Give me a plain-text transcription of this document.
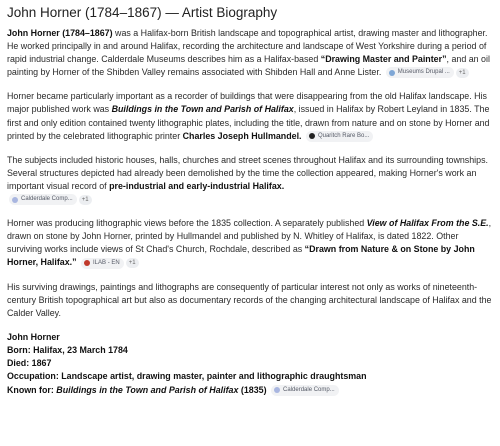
John Horner (1784–1867) — Artist Biography

John Horner (1784–1867) was a Halifax-born British landscape and topographical artist, drawing master and lithographer. He worked principally in and around Halifax, recording the architecture and landscape of West Yorkshire during a period of rapid industrial change. Calderdale Museums describes him as a Halifax-based “Drawing Master and Painter”, and an oil painting by Horner of the Shibden Valley remains associated with Shibden Hall and Anne Lister.	Museums Drupal ... +1

Horner became particularly important as a recorder of buildings that were disappearing from the old Halifax landscape. His major published work was Buildings in the Town and Parish of Halifax, issued in Halifax by Robert Leyland in 1835. The first and only edition contained twenty lithographic plates, including the title, drawn from nature and on stone by Horner and printed by the celebrated lithographic printer Charles Joseph Hullmandel.	Quaritch Rare Bo...

The subjects included historic houses, halls, churches and street scenes throughout Halifax and its surrounding townships. Several structures depicted had already been demolished by the time the collection appeared, making Horner's work an important visual record of pre-industrial and early-industrial Halifax.

Calderdale Comp... +1

Horner was producing lithographic views before the 1835 collection. A separately published View of Halifax From the S.E., drawn on stone by John Horner, printed by Hullmandel and published by N. Whitley of Halifax, is dated 1822. Other surviving works include views of St Chad's Church, Rochdale, described as “Drawn from Nature & on Stone by John Horner, Halifax.”	ILAB - EN +1

His surviving drawings, paintings and lithographs are consequently of particular interest not only as works of nineteenth-century British topographical art but also as documentary records of the changing architectural landscape of Halifax and the Calder Valley.

John Horner

Born: Halifax, 23 March 1784

Died: 1867

Occupation: Landscape artist, drawing master, painter and lithographic draughtsman

Known for: Buildings in the Town and Parish of Halifax (1835)	Calderdale Comp...
